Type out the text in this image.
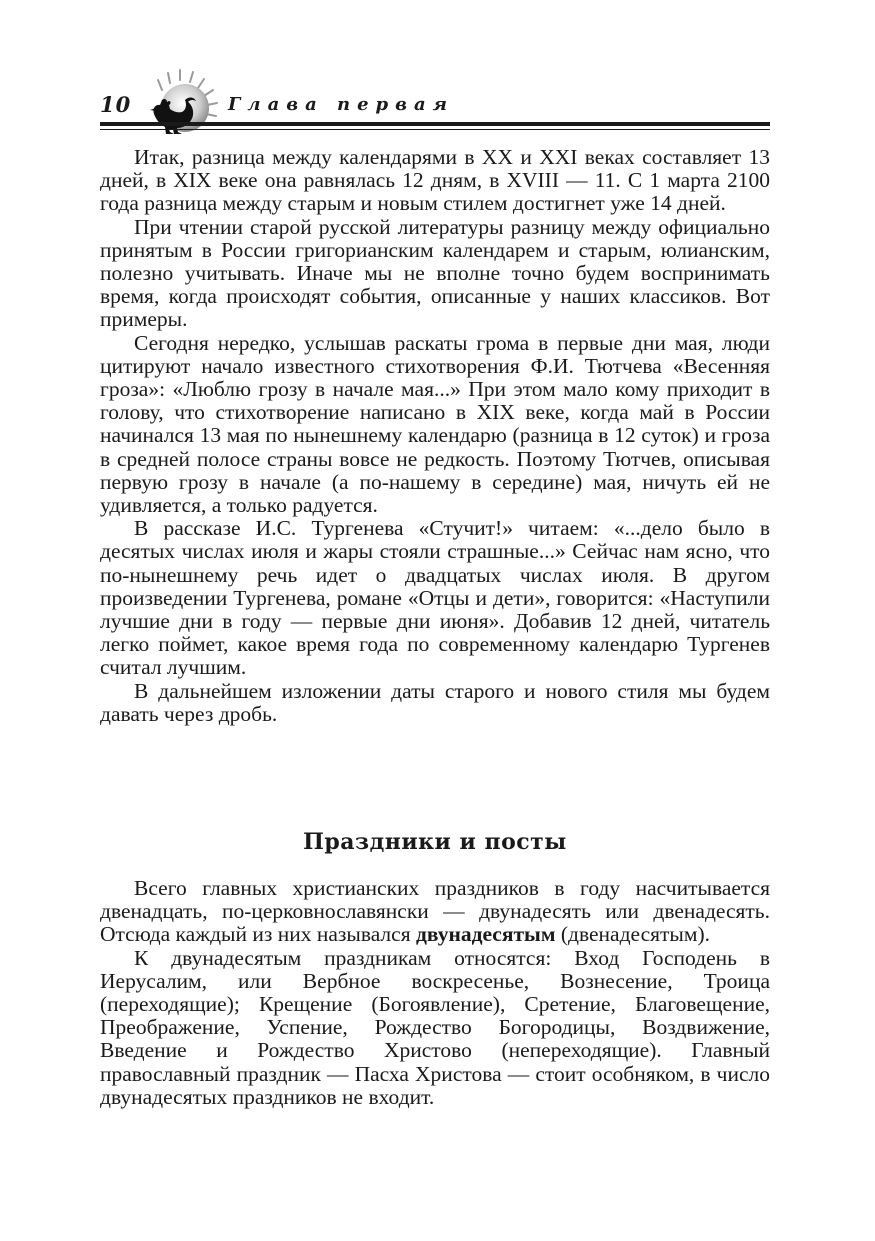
10	Глава первая

Итак, разница между календарями в XX и XXI веках составляет 13 дней, в XIX веке она равнялась 12 дням, в XVIII — 11. С 1 марта 2100 года разница между старым и новым стилем достигнет уже 14 дней.

При чтении старой русской литературы разницу между официально принятым в России григорианским календарем и старым, юлианским, полезно учитывать. Иначе мы не вполне точно будем воспринимать время, когда происходят события, описанные у наших классиков. Вот примеры.

Сегодня нередко, услышав раскаты грома в первые дни мая, люди цитируют начало известного стихотворения Ф.И. Тютчева «Весенняя гроза»: «Люблю грозу в начале мая...» При этом мало кому приходит в голову, что стихотворение написано в XIX веке, когда май в России начинался 13 мая по нынешнему календарю (разница в 12 суток) и гроза в средней полосе страны вовсе не редкость. Поэтому Тютчев, описывая первую грозу в начале (а по-нашему в середине) мая, ничуть ей не удивляется, а только радуется.

В рассказе И.С. Тургенева «Стучит!» читаем: «...дело было в десятых числах июля и жары стояли страшные...» Сейчас нам ясно, что по-нынешнему речь идет о двадцатых числах июля. В другом произведении Тургенева, романе «Отцы и дети», говорится: «Наступили лучшие дни в году — первые дни июня». Добавив 12 дней, читатель легко поймет, какое время года по современному календарю Тургенев считал лучшим.

В дальнейшем изложении даты старого и нового стиля мы будем давать через дробь.

Праздники и посты

Всего главных христианских праздников в году насчитывается двенадцать, по-церковнославянски — двунадесять или двенадесять. Отсюда каждый из них назывался двунадесятым (двенадесятым).

К двунадесятым праздникам относятся: Вход Господень в Иерусалим, или Вербное воскресенье, Вознесение, Троица (переходящие); Крещение (Богоявление), Сретение, Благовещение, Преображение, Успение, Рождество Богородицы, Воздвижение, Введение и Рождество Христово (непереходящие). Главный православный праздник — Пасха Христова — стоит особняком, в число двунадесятых праздников не входит.
